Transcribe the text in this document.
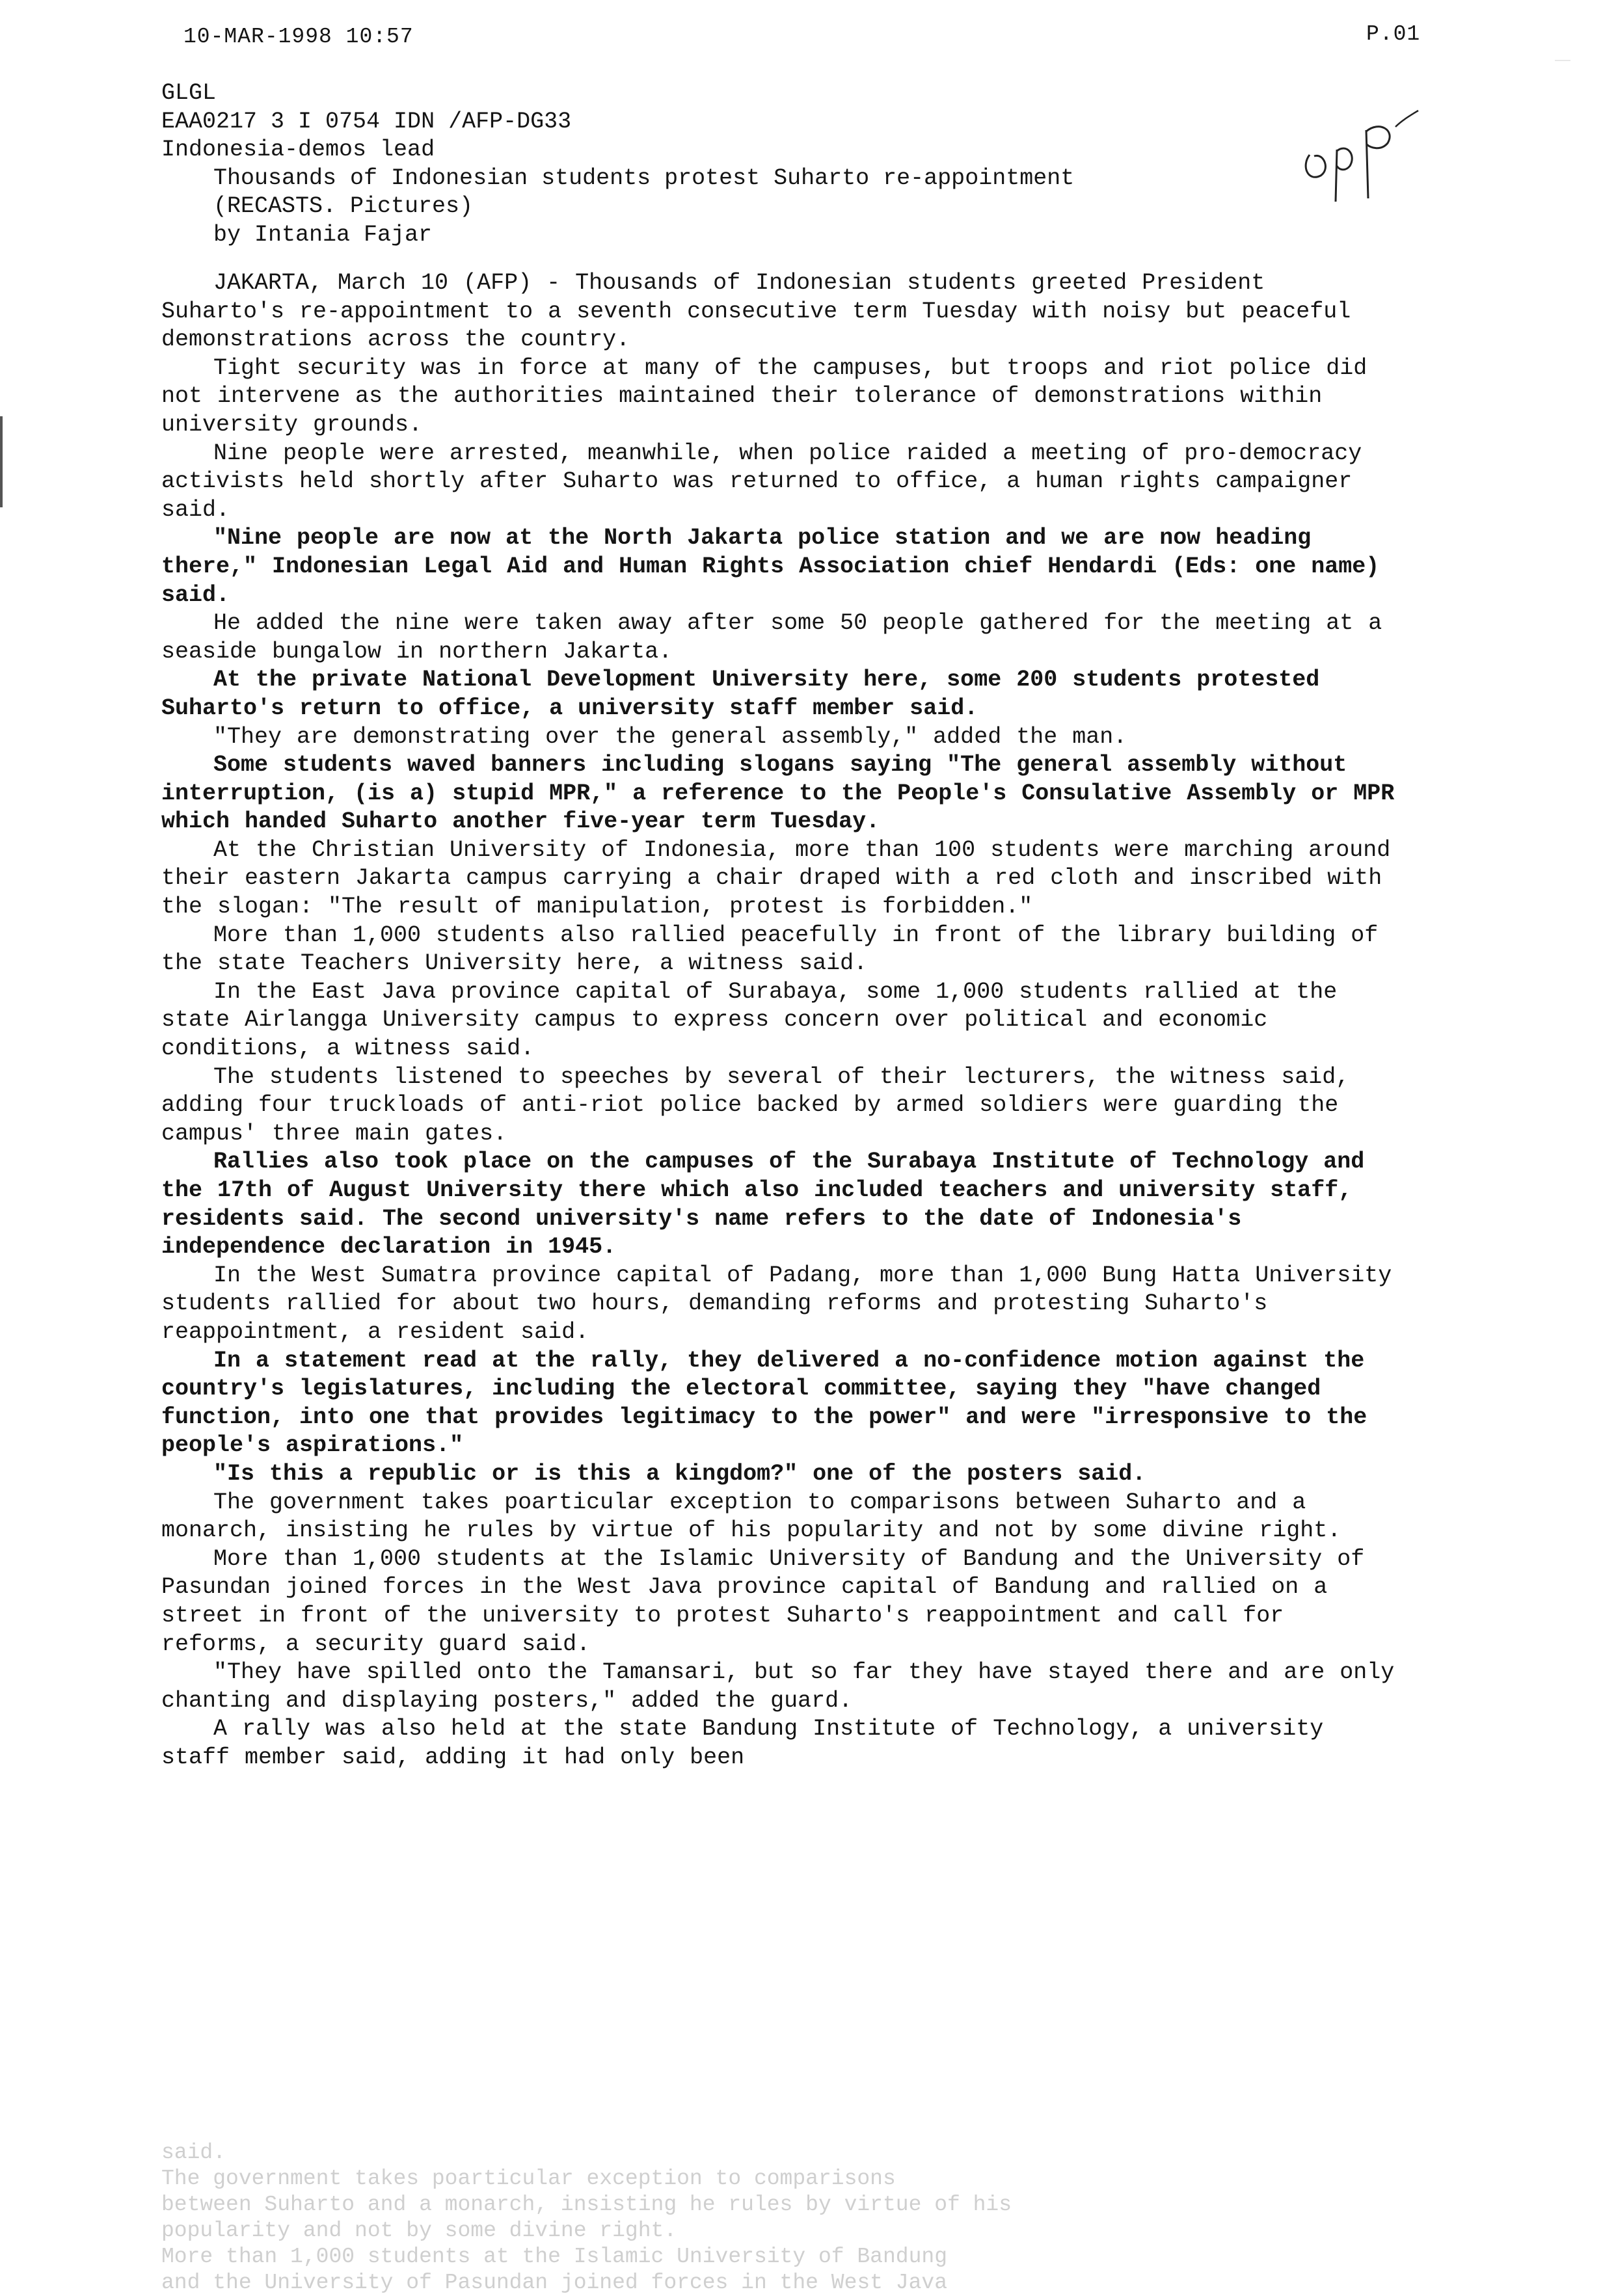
10-MAR-1998 10:57	P.01
opp
GLGL
EAA0217 3 I 0754 IDN /AFP-DG33
Indonesia-demos lead
Thousands of Indonesian students protest Suharto re-appointment
(RECASTS. Pictures)
by Intania Fajar

JAKARTA, March 10 (AFP) - Thousands of Indonesian students greeted President Suharto's re-appointment to a seventh consecutive term Tuesday with noisy but peaceful demonstrations across the country.

Tight security was in force at many of the campuses, but troops and riot police did not intervene as the authorities maintained their tolerance of demonstrations within university grounds.

Nine people were arrested, meanwhile, when police raided a meeting of pro-democracy activists held shortly after Suharto was returned to office, a human rights campaigner said.

"Nine people are now at the North Jakarta police station and we are now heading there," Indonesian Legal Aid and Human Rights Association chief Hendardi (Eds: one name) said.

He added the nine were taken away after some 50 people gathered for the meeting at a seaside bungalow in northern Jakarta.

At the private National Development University here, some 200 students protested Suharto's return to office, a university staff member said.

"They are demonstrating over the general assembly," added the man.

Some students waved banners including slogans saying "The general assembly without interruption, (is a) stupid MPR," a reference to the People's Consulative Assembly or MPR which handed Suharto another five-year term Tuesday.

At the Christian University of Indonesia, more than 100 students were marching around their eastern Jakarta campus carrying a chair draped with a red cloth and inscribed with the slogan: "The result of manipulation, protest is forbidden."

More than 1,000 students also rallied peacefully in front of the library building of the state Teachers University here, a witness said.

In the East Java province capital of Surabaya, some 1,000 students rallied at the state Airlangga University campus to express concern over political and economic conditions, a witness said.

The students listened to speeches by several of their lecturers, the witness said, adding four truckloads of anti-riot police backed by armed soldiers were guarding the campus' three main gates.

Rallies also took place on the campuses of the Surabaya Institute of Technology and the 17th of August University there which also included teachers and university staff, residents said. The second university's name refers to the date of Indonesia's independence declaration in 1945.

In the West Sumatra province capital of Padang, more than 1,000 Bung Hatta University students rallied for about two hours, demanding reforms and protesting Suharto's reappointment, a resident said.

In a statement read at the rally, they delivered a no-confidence motion against the country's legislatures, including the electoral committee, saying they "have changed function, into one that provides legitimacy to the power" and were "irresponsive to the people's aspirations."

"Is this a republic or is this a kingdom?" one of the posters said.

The government takes poarticular exception to comparisons between Suharto and a monarch, insisting he rules by virtue of his popularity and not by some divine right.

More than 1,000 students at the Islamic University of Bandung and the University of Pasundan joined forces in the West Java province capital of Bandung and rallied on a street in front of the university to protest Suharto's reappointment and call for reforms, a security guard said.

"They have spilled onto the Tamansari, but so far they have stayed there and are only chanting and displaying posters," added the guard.

A rally was also held at the state Bandung Institute of Technology, a university staff member said, adding it had only been

said.
The government takes poarticular exception to comparisons
between Suharto and a monarch, insisting he rules by virtue of his
popularity and not by some divine right.
More than 1,000 students at the Islamic University of Bandung
and the University of Pasundan joined forces in the West Java
